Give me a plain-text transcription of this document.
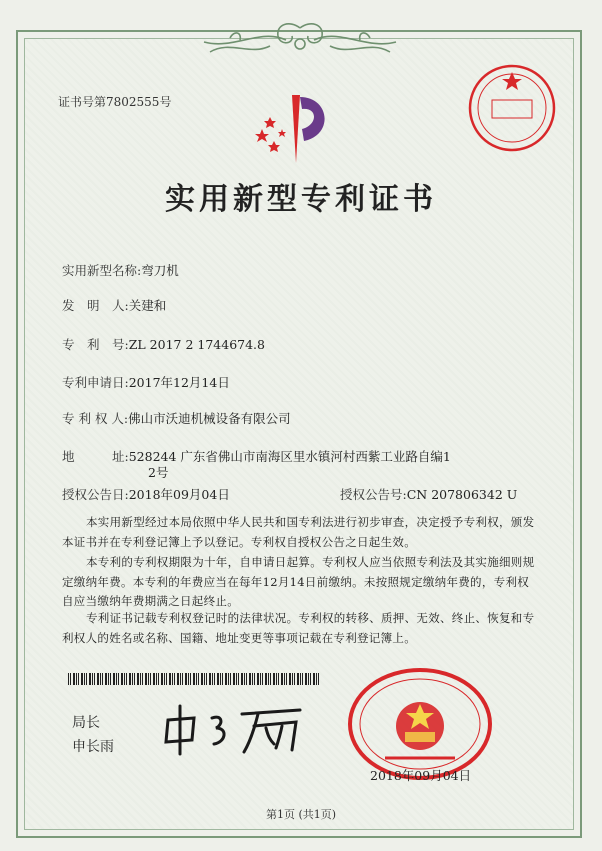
证书号第7802555号
实用新型专利证书
实用新型名称:弯刀机
发　明　人:关建和
专　利　号:ZL 2017 2 1744674.8
专利申请日:2017年12月14日
专 利 权 人:佛山市沃迪机械设备有限公司
地　　　址:528244 广东省佛山市南海区里水镇河村西紫工业路自编1
2号
授权公告日:2018年09月04日	授权公告号:CN 207806342 U
本实用新型经过本局依照中华人民共和国专利法进行初步审查，决定授予专利权，颁发本证书并在专利登记簿上予以登记。专利权自授权公告之日起生效。
本专利的专利权期限为十年，自申请日起算。专利权人应当依照专利法及其实施细则规定缴纳年费。本专利的年费应当在每年12月14日前缴纳。未按照规定缴纳年费的，专利权自应当缴纳年费期满之日起终止。
专利证书记载专利权登记时的法律状况。专利权的转移、质押、无效、终止、恢复和专利权人的姓名或名称、国籍、地址变更等事项记载在专利登记簿上。
局长
申长雨
2018年09月04日
第1页 (共1页)
